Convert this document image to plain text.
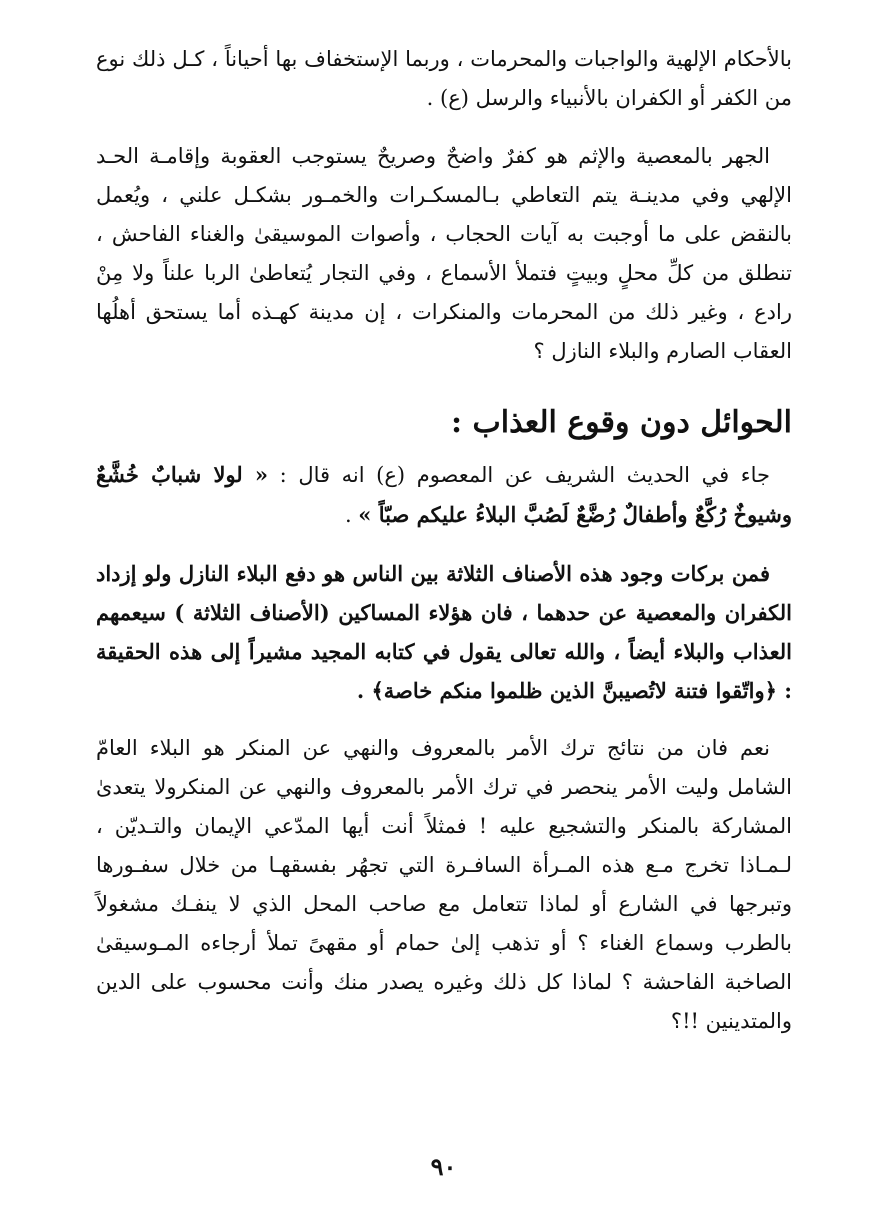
بالأحكام الإلهية والواجبات والمحرمات ، وربما الإستخفاف بها أحياناً ، كـل ذلك نوع من الكفر أو الكفران بالأنبياء والرسل (ع) .

الجهر بالمعصية والإثم هو كفرٌ واضحٌ وصريحٌ يستوجب العقوبة وإقامـة الحـد الإلهي وفي مدينـة يتم التعاطي بـالمسكـرات والخمـور بشكـل علني ، ويُعمل بالنقض على ما أوجبت به آيات الحجاب ، وأصوات الموسيقىٰ والغناء الفاحش ، تنطلق من كلِّ محلٍ وبيتٍ فتملأ الأسماع ، وفي التجار يُتعاطىٰ الربا علناً ولا مِنْ رادع ، وغير ذلك من المحرمات والمنكرات ، إن مدينة كهـذه أما يستحق أهلُها العقاب الصارم والبلاء النازل ؟

الحوائل دون وقوع العذاب :

جاء في الحديث الشريف عن المعصوم (ع) انه قال : « لولا شبابٌ خُشَّعٌ وشيوخٌ رُكَّعٌ وأطفالٌ رُضَّعٌ لَصُبَّ البلاءُ عليكم صبّاً » .

فمن بركات وجود هذه الأصناف الثلاثة بين الناس هو دفع البلاء النازل ولو إزداد الكفران والمعصية عن حدهما ، فان هؤلاء المساكين (الأصناف الثلاثة ) سيعمهم العذاب والبلاء أيضاً ، والله تعالى يقول في كتابه المجيد مشيراً إلى هذه الحقيقة : ﴿واتّقوا فتنة لاتُصيبنَّ الذين ظلموا منكم خاصة﴾ .

نعم فان من نتائج ترك الأمر بالمعروف والنهي عن المنكر هو البلاء العامّ الشامل وليت الأمر ينحصر في ترك الأمر بالمعروف والنهي عن المنكرولا يتعدىٰ المشاركة بالمنكر والتشجيع عليه ! فمثلاً أنت أيها المدّعي الإيمان والتـديّن ، لـمـاذا تخرج مـع هذه المـرأة السافـرة التي تجهُر بفسقهـا من خلال سفـورها وتبرجها في الشارع أو لماذا تتعامل مع صاحب المحل الذي لا ينفـك مشغولاً بالطرب وسماع الغناء ؟ أو تذهب إلىٰ حمام أو مقهىً تملأ أرجاءه المـوسيقىٰ الصاخبة الفاحشة ؟ لماذا كل ذلك وغيره يصدر منك وأنت محسوب على الدين والمتدينين !!؟

٩٠
